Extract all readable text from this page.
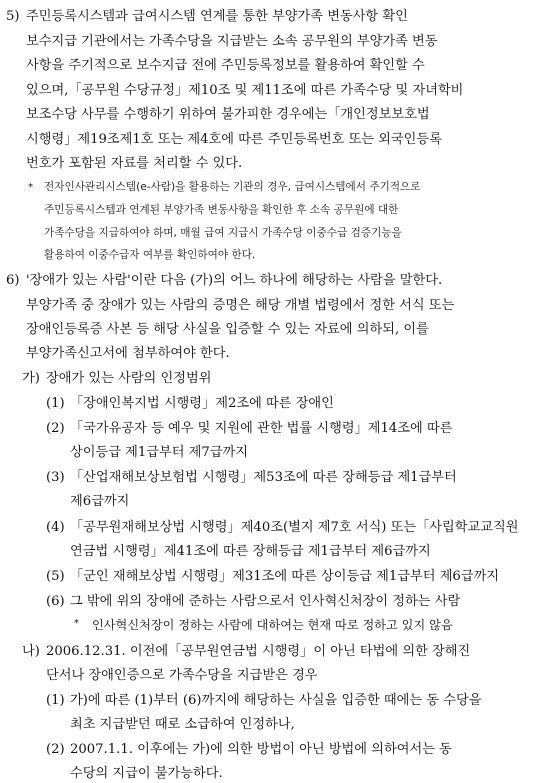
5) 주민등록시스템과 급여시스템 연계를 통한 부양가족 변동사항 확인
보수지급 기관에서는 가족수당을 지급받는 소속 공무원의 부양가족 변동
사항을 주기적으로 보수지급 전에 주민등록정보를 활용하여 확인할 수
있으며,「공무원 수당규정」제10조 및 제11조에 따른 가족수당 및 자녀학비
보조수당 사무를 수행하기 위하여 불가피한 경우에는「개인정보보호법
시행령」제19조제1호 또는 제4호에 따른 주민등록번호 또는 외국인등록
번호가 포함된 자료를 처리할 수 있다.
* 전자인사관리시스템(e-사람)을 활용하는 기관의 경우, 급여시스템에서 주기적으로
주민등록시스템과 연계된 부양가족 변동사항을 확인한 후 소속 공무원에 대한
가족수당을 지급하여야 하며, 매월 급여 지급시 가족수당 이중수급 검증기능을
활용하여 이중수급자 여부를 확인하여야 한다.
6) '장애가 있는 사람'이란 다음 (가)의 어느 하나에 해당하는 사람을 말한다.
부양가족 중 장애가 있는 사람의 증명은 해당 개별 법령에서 정한 서식 또는
장애인등록증 사본 등 해당 사실을 입증할 수 있는 자료에 의하되, 이를
부양가족신고서에 첨부하여야 한다.
가) 장애가 있는 사람의 인정범위
(1) 「장애인복지법 시행령」제2조에 따른 장애인
(2) 「국가유공자 등 예우 및 지원에 관한 법률 시행령」제14조에 따른
상이등급 제1급부터 제7급까지
(3) 「산업재해보상보험법 시행령」제53조에 따른 장해등급 제1급부터
제6급까지
(4) 「공무원재해보상법 시행령」제40조(별지 제7호 서식) 또는「사립학교교직원
연금법 시행령」제41조에 따른 장해등급 제1급부터 제6급까지
(5) 「군인 재해보상법 시행령」제31조에 따른 상이등급 제1급부터 제6급까지
(6) 그 밖에 위의 장애에 준하는 사람으로서 인사혁신처장이 정하는 사람
* 인사혁신처장이 정하는 사람에 대하여는 현재 따로 정하고 있지 않음
나) 2006.12.31. 이전에「공무원연금법 시행령」이 아닌 타법에 의한 장해진
단서나 장애인증으로 가족수당을 지급받은 경우
(1) 가)에 따른 (1)부터 (6)까지에 해당하는 사실을 입증한 때에는 동 수당을
최초 지급받던 때로 소급하여 인정하나,
(2) 2007.1.1. 이후에는 가)에 의한 방법이 아닌 방법에 의하여서는 동
수당의 지급이 불가능하다.
